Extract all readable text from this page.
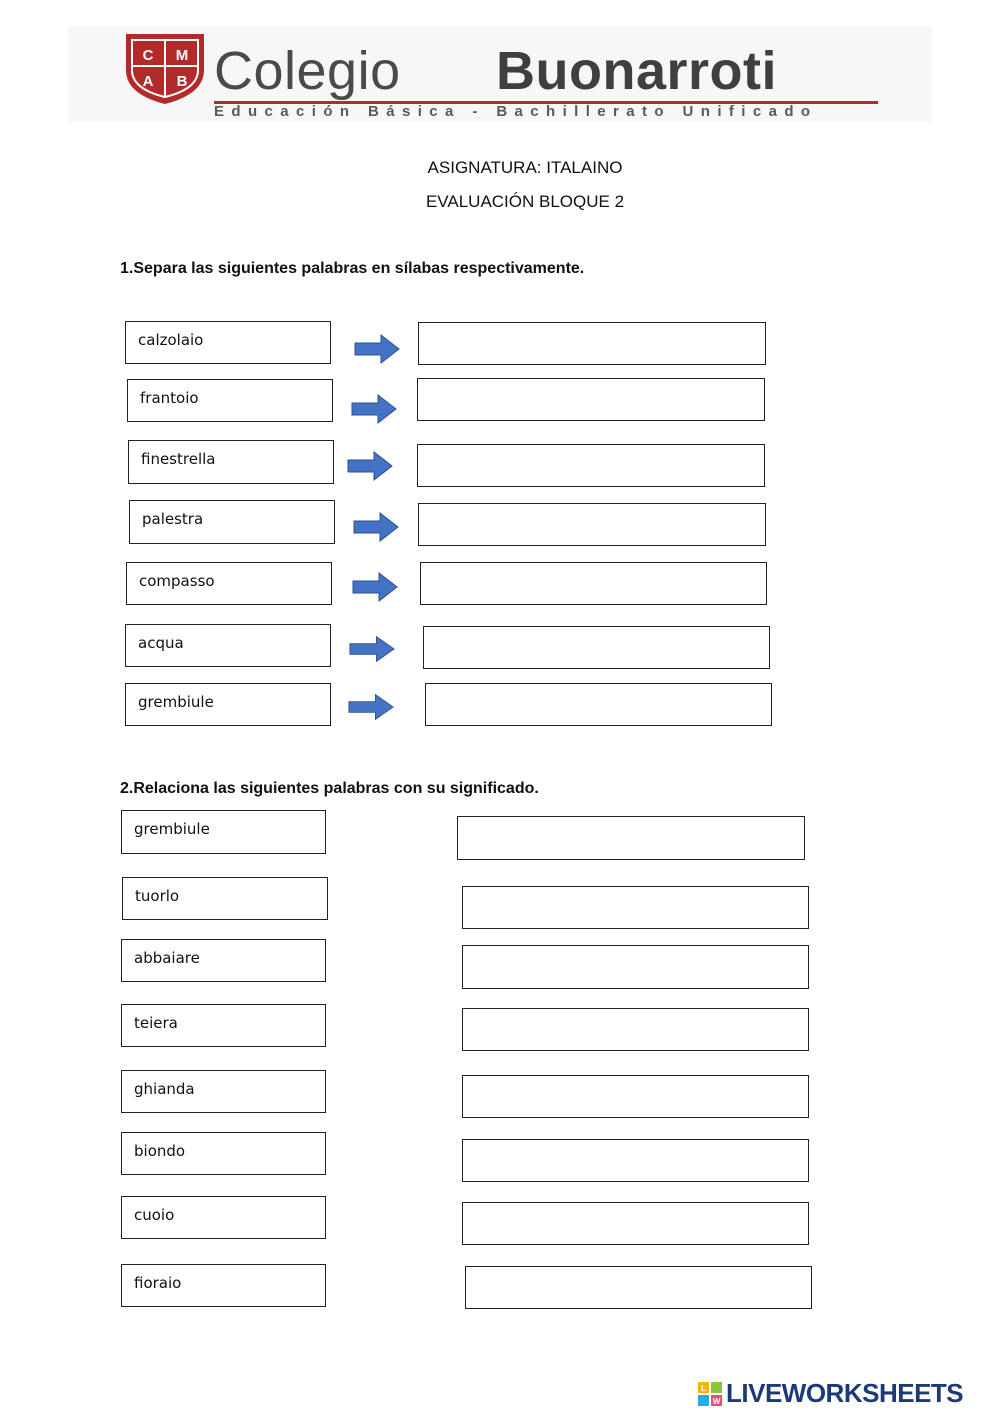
C M
A B Colegio Buonarroti
Educación Básica - Bachillerato Unificado
ASIGNATURA: ITALAINO
EVALUACIÓN BLOQUE 2
1.Separa las siguientes palabras en sílabas respectivamente.
calzolaio
frantoio
finestrella
palestra
compasso
acqua
grembiule
2.Relaciona las siguientes palabras con su significado.
grembiule
tuorlo
abbaiare
teiera
ghianda
biondo
cuoio
fioraio
L
W LIVEWORKSHEETS
